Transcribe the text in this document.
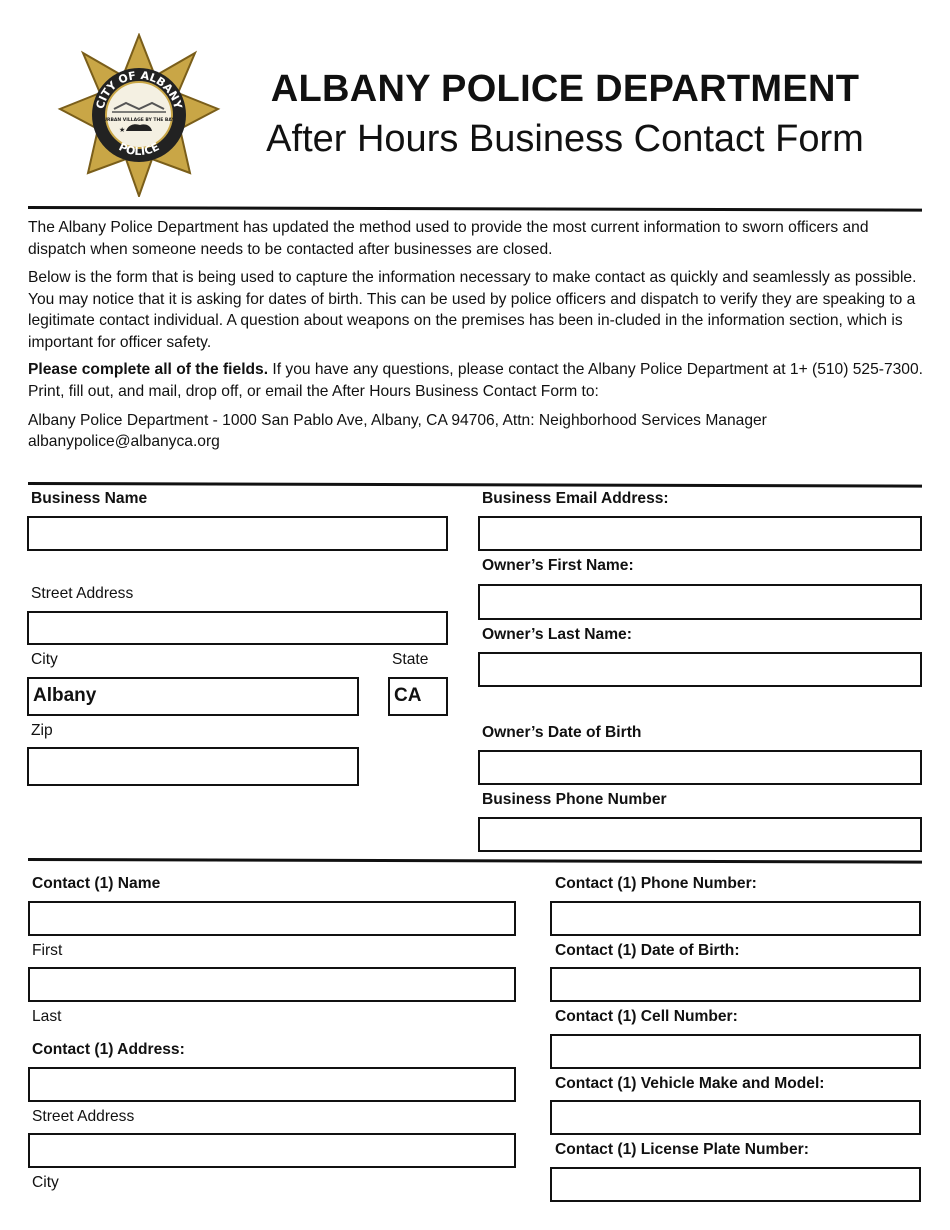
CITY OF ALBANY
POLICE
URBAN VILLAGE BY THE BAY
★
ALBANY POLICE DEPARTMENT
After Hours Business Contact Form

The Albany Police Department has updated the method used to provide the most current information to sworn officers and dispatch when someone needs to be contacted after businesses are closed.

Below is the form that is being used to capture the information necessary to make contact as quickly and seamlessly as possible. You may notice that it is asking for dates of birth. This can be used by police officers and dispatch to verify they are speaking to a legitimate contact individual. A question about weapons on the premises has been in-cluded in the information section, which is important for officer safety.

Please complete all of the fields. If you have any questions, please contact the Albany Police Department at 1+ (510) 525-7300. Print, fill out, and mail, drop off, or email the After Hours Business Contact Form to:

Albany Police Department - 1000 San Pablo Ave, Albany, CA 94706, Attn: Neighborhood Services Manager

albanypolice@albanyca.org

Business Name
Street Address
City
Albany
State
CA
Zip
Business Email Address:
Owner’s First Name:
Owner’s Last Name:
Owner’s Date of Birth
Business Phone Number
Contact (1) Name
First
Last
Contact (1) Address:
Street Address
City
Contact (1) Phone Number:
Contact (1) Date of Birth:
Contact (1) Cell Number:
Contact (1) Vehicle Make and Model:
Contact (1) License Plate Number:
